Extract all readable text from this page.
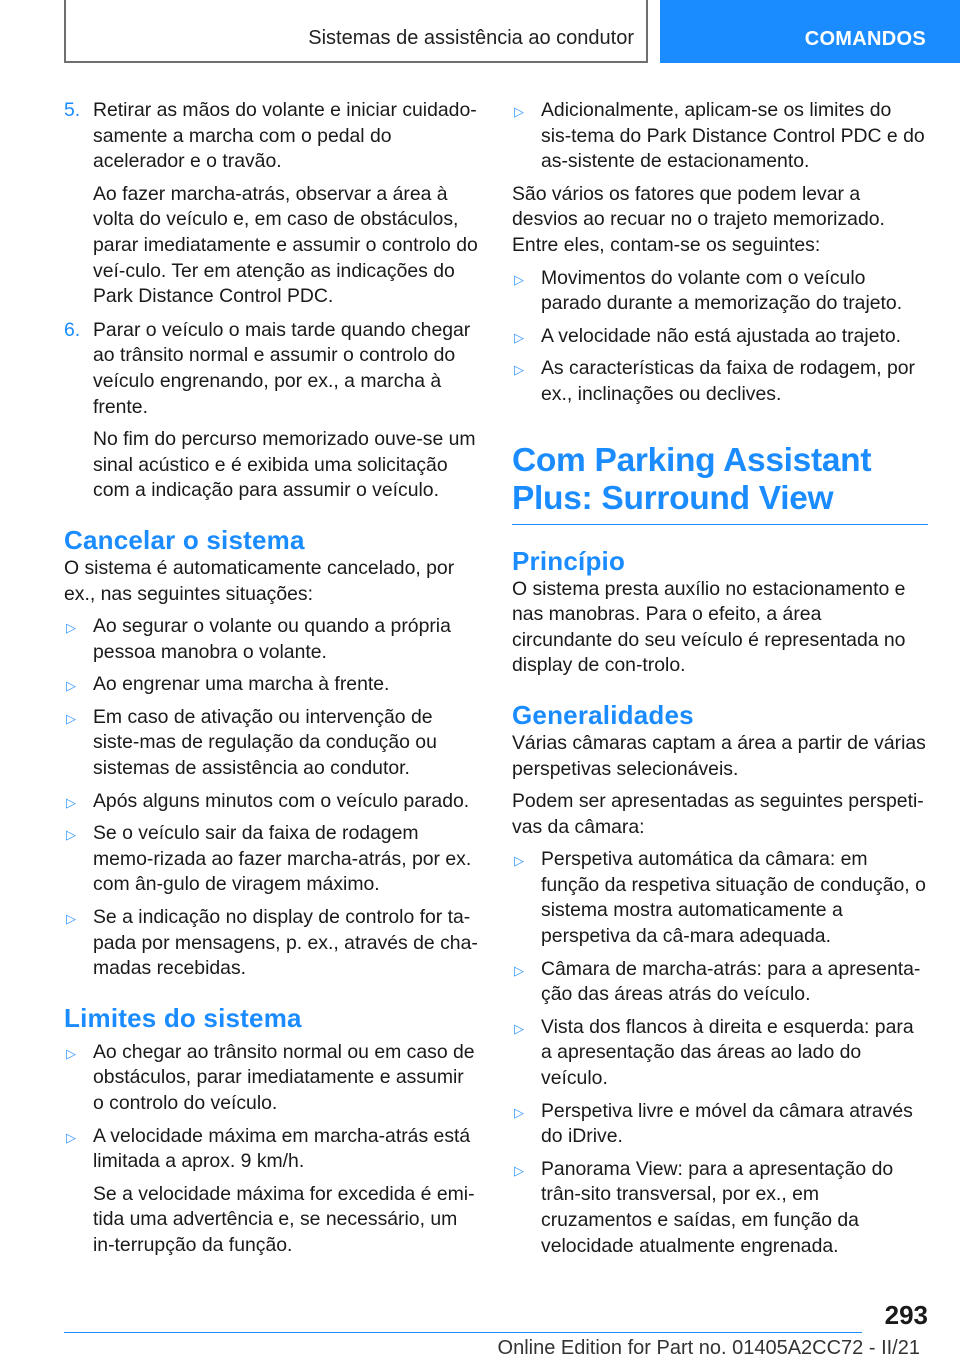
Sistemas de assistência ao condutor	COMANDOS
5. Retirar as mãos do volante e iniciar cuidado-samente a marcha com o pedal do acelerador e o travão.

Ao fazer marcha-atrás, observar a área à volta do veículo e, em caso de obstáculos, parar imediatamente e assumir o controlo do veí-culo. Ter em atenção as indicações do Park Distance Control PDC.

6. Parar o veículo o mais tarde quando chegar ao trânsito normal e assumir o controlo do veículo engrenando, por ex., a marcha à frente.

No fim do percurso memorizado ouve-se um sinal acústico e é exibida uma solicitação com a indicação para assumir o veículo.

Cancelar o sistema

O sistema é automaticamente cancelado, por ex., nas seguintes situações:

▷ Ao segurar o volante ou quando a própria pessoa manobra o volante.

▷ Ao engrenar uma marcha à frente.

▷ Em caso de ativação ou intervenção de siste-mas de regulação da condução ou sistemas de assistência ao condutor.

▷ Após alguns minutos com o veículo parado.

▷ Se o veículo sair da faixa de rodagem memo-rizada ao fazer marcha-atrás, por ex. com ân-gulo de viragem máximo.

▷ Se a indicação no display de controlo for ta-pada por mensagens, p. ex., através de cha-madas recebidas.

Limites do sistema
▷ Ao chegar ao trânsito normal ou em caso de obstáculos, parar imediatamente e assumir o controlo do veículo.

▷ A velocidade máxima em marcha-atrás está limitada a aprox. 9 km/h.

Se a velocidade máxima for excedida é emi-tida uma advertência e, se necessário, um in-terrupção da função.

▷ Adicionalmente, aplicam-se os limites do sis-tema do Park Distance Control PDC e do as-sistente de estacionamento.

São vários os fatores que podem levar a desvios ao recuar no o trajeto memorizado. Entre eles, contam-se os seguintes:

▷ Movimentos do volante com o veículo parado durante a memorização do trajeto.

▷ A velocidade não está ajustada ao trajeto.

▷ As características da faixa de rodagem, por ex., inclinações ou declives.

Com Parking Assistant Plus: Surround View
Princípio

O sistema presta auxílio no estacionamento e nas manobras. Para o efeito, a área circundante do seu veículo é representada no display de con-trolo.

Generalidades

Várias câmaras captam a área a partir de várias perspetivas selecionáveis.

Podem ser apresentadas as seguintes perspeti-vas da câmara:

▷ Perspetiva automática da câmara: em função da respetiva situação de condução, o sistema mostra automaticamente a perspetiva da câ-mara adequada.

▷ Câmara de marcha-atrás: para a apresenta-ção das áreas atrás do veículo.

▷ Vista dos flancos à direita e esquerda: para a apresentação das áreas ao lado do veículo.

▷ Perspetiva livre e móvel da câmara através do iDrive.

▷ Panorama View: para a apresentação do trân-sito transversal, por ex., em cruzamentos e saídas, em função da velocidade atualmente engrenada.

293
Online Edition for Part no. 01405A2CC72 - II/21
